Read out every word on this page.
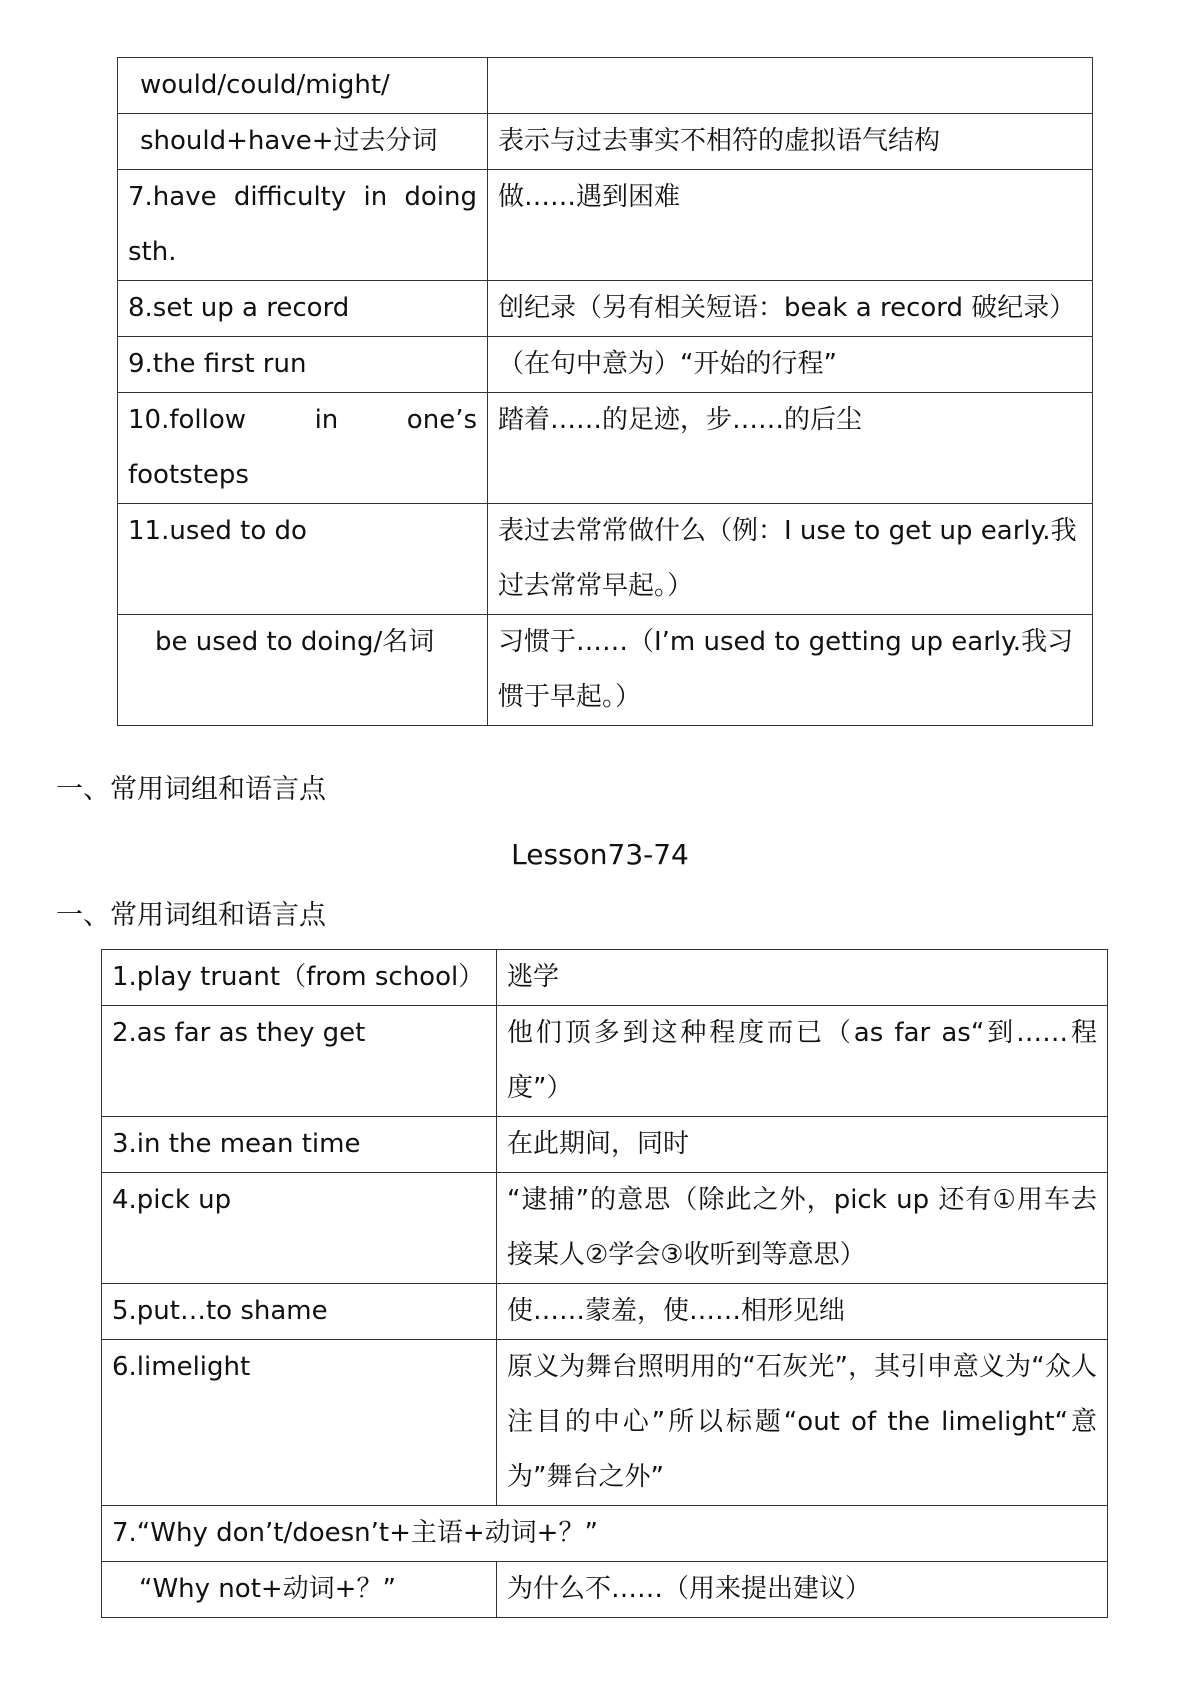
would/could/might/	
should+have+过去分词	表示与过去事实不相符的虚拟语气结构
7.have difficulty in doing sth.	做……遇到困难
8.set up a record	创纪录（另有相关短语：beak a record 破纪录）
9.the first run	（在句中意为）“开始的行程”
10.follow in one’s footsteps	踏着……的足迹，步……的后尘
11.used to do	表过去常常做什么（例：I use to get up early.我过去常常早起。）
be used to doing/名词	习惯于……（I’m used to getting up early.我习惯于早起。）
一、常用词组和语言点
Lesson73-74
一、常用词组和语言点
1.play truant（from school）	逃学
2.as far as they get	他们顶多到这种程度而已（as far as“到……程度”）
3.in the mean time	在此期间，同时
4.pick up	“逮捕”的意思（除此之外，pick up 还有①用车去接某人②学会③收听到等意思）
5.put…to shame	使……蒙羞，使……相形见绌
6.limelight	原义为舞台照明用的“石灰光”，其引申意义为“众人注目的中心”所以标题“out of the limelight“意为”舞台之外”
7.“Why don’t/doesn’t+主语+动词+？”	
“Why not+动词+？”	为什么不……（用来提出建议）
